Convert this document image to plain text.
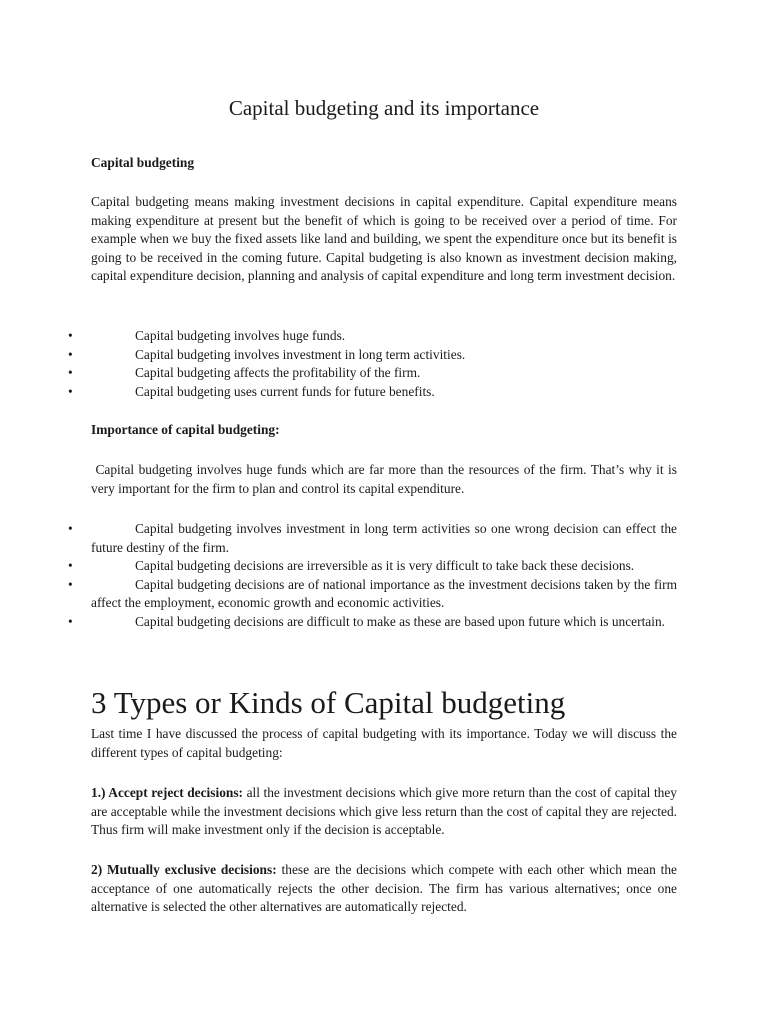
Capital budgeting and its importance
Capital budgeting
Capital budgeting means making investment decisions in capital expenditure. Capital expenditure means making expenditure at present but the benefit of which is going to be received over a period of time. For example when we buy the fixed assets like land and building, we spent the expenditure once but its benefit is going to be received in the coming future. Capital budgeting is also known as investment decision making, capital expenditure decision, planning and analysis of capital expenditure and long term investment decision.
•	Capital budgeting involves huge funds.
•	Capital budgeting involves investment in long term activities.
•	Capital budgeting affects the profitability of the firm.
•	Capital budgeting uses current funds for future benefits.
Importance of capital budgeting:
Capital budgeting involves huge funds which are far more than the resources of the firm. That’s why it is very important for the firm to plan and control its capital expenditure.
•	Capital budgeting involves investment in long term activities so one wrong decision can effect the future destiny of the firm.
•	Capital budgeting decisions are irreversible as it is very difficult to take back these decisions.
•	Capital budgeting decisions are of national importance as the investment decisions taken by the firm affect the employment, economic growth and economic activities.
•	Capital budgeting decisions are difficult to make as these are based upon future which is uncertain.
3 Types or Kinds of Capital budgeting
Last time I have discussed the process of capital budgeting with its importance. Today we will discuss the different types of capital budgeting:
1.) Accept reject decisions: all the investment decisions which give more return than the cost of capital they are acceptable while the investment decisions which give less return than the cost of capital they are rejected. Thus firm will make investment only if the decision is acceptable.
2) Mutually exclusive decisions: these are the decisions which compete with each other which mean the acceptance of one automatically rejects the other decision. The firm has various alternatives; once one alternative is selected the other alternatives are automatically rejected.
